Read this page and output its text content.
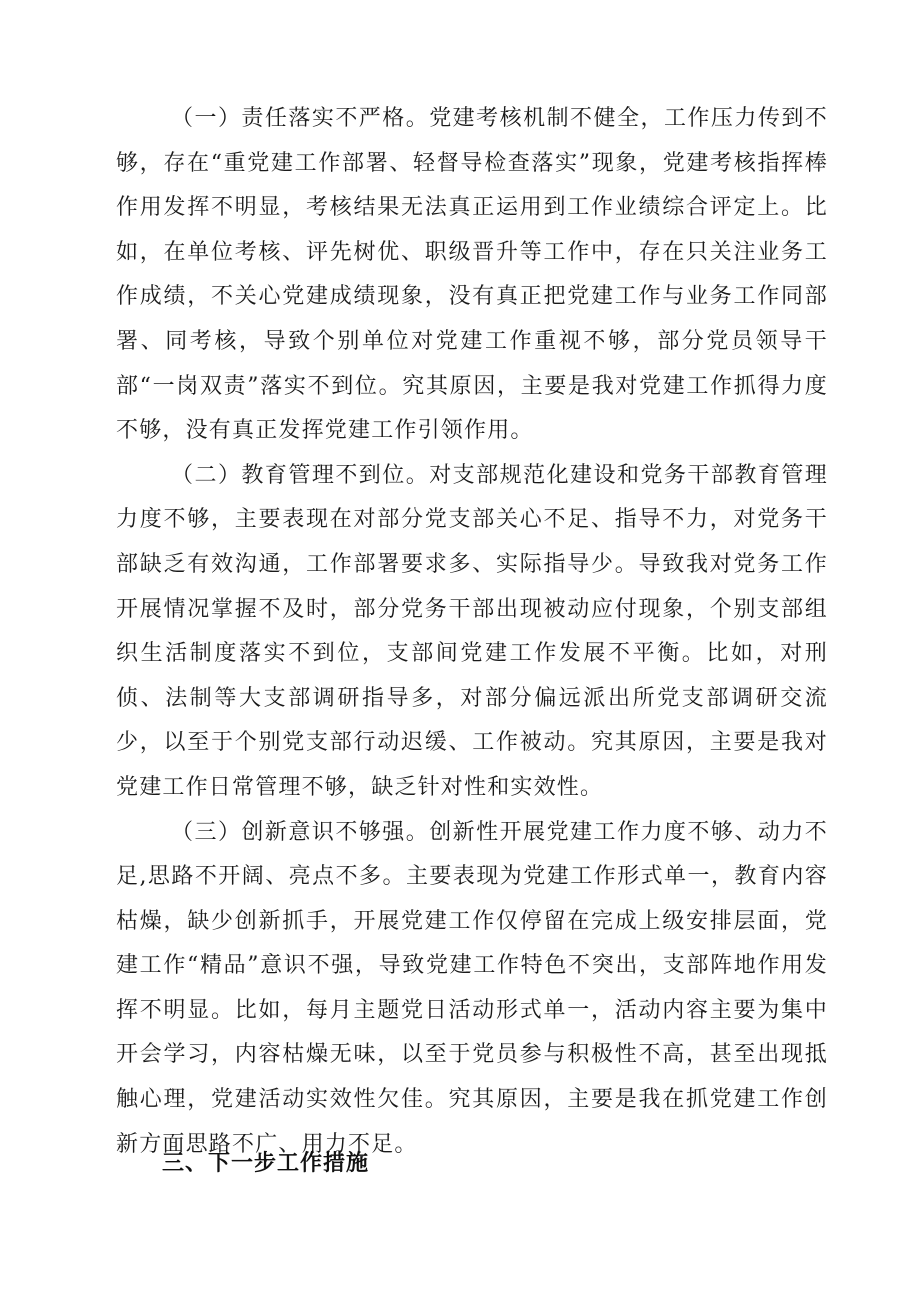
（一）责任落实不严格。党建考核机制不健全，工作压力传到不够，存在“重党建工作部署、轻督导检查落实”现象，党建考核指挥棒作用发挥不明显，考核结果无法真正运用到工作业绩综合评定上。比如，在单位考核、评先树优、职级晋升等工作中，存在只关注业务工作成绩，不关心党建成绩现象，没有真正把党建工作与业务工作同部署、同考核，导致个别单位对党建工作重视不够，部分党员领导干部“一岗双责”落实不到位。究其原因，主要是我对党建工作抓得力度不够，没有真正发挥党建工作引领作用。

（二）教育管理不到位。对支部规范化建设和党务干部教育管理力度不够，主要表现在对部分党支部关心不足、指导不力，对党务干部缺乏有效沟通，工作部署要求多、实际指导少。导致我对党务工作开展情况掌握不及时，部分党务干部出现被动应付现象，个别支部组织生活制度落实不到位，支部间党建工作发展不平衡。比如，对刑侦、法制等大支部调研指导多，对部分偏远派出所党支部调研交流少，以至于个别党支部行动迟缓、工作被动。究其原因，主要是我对党建工作日常管理不够，缺乏针对性和实效性。

（三）创新意识不够强。创新性开展党建工作力度不够、动力不足,思路不开阔、亮点不多。主要表现为党建工作形式单一，教育内容枯燥，缺少创新抓手，开展党建工作仅停留在完成上级安排层面，党建工作“精品”意识不强，导致党建工作特色不突出，支部阵地作用发挥不明显。比如，每月主题党日活动形式单一，活动内容主要为集中开会学习，内容枯燥无味，以至于党员参与积极性不高，甚至出现抵触心理，党建活动实效性欠佳。究其原因，主要是我在抓党建工作创新方面思路不广、用力不足。

三、下一步工作措施
